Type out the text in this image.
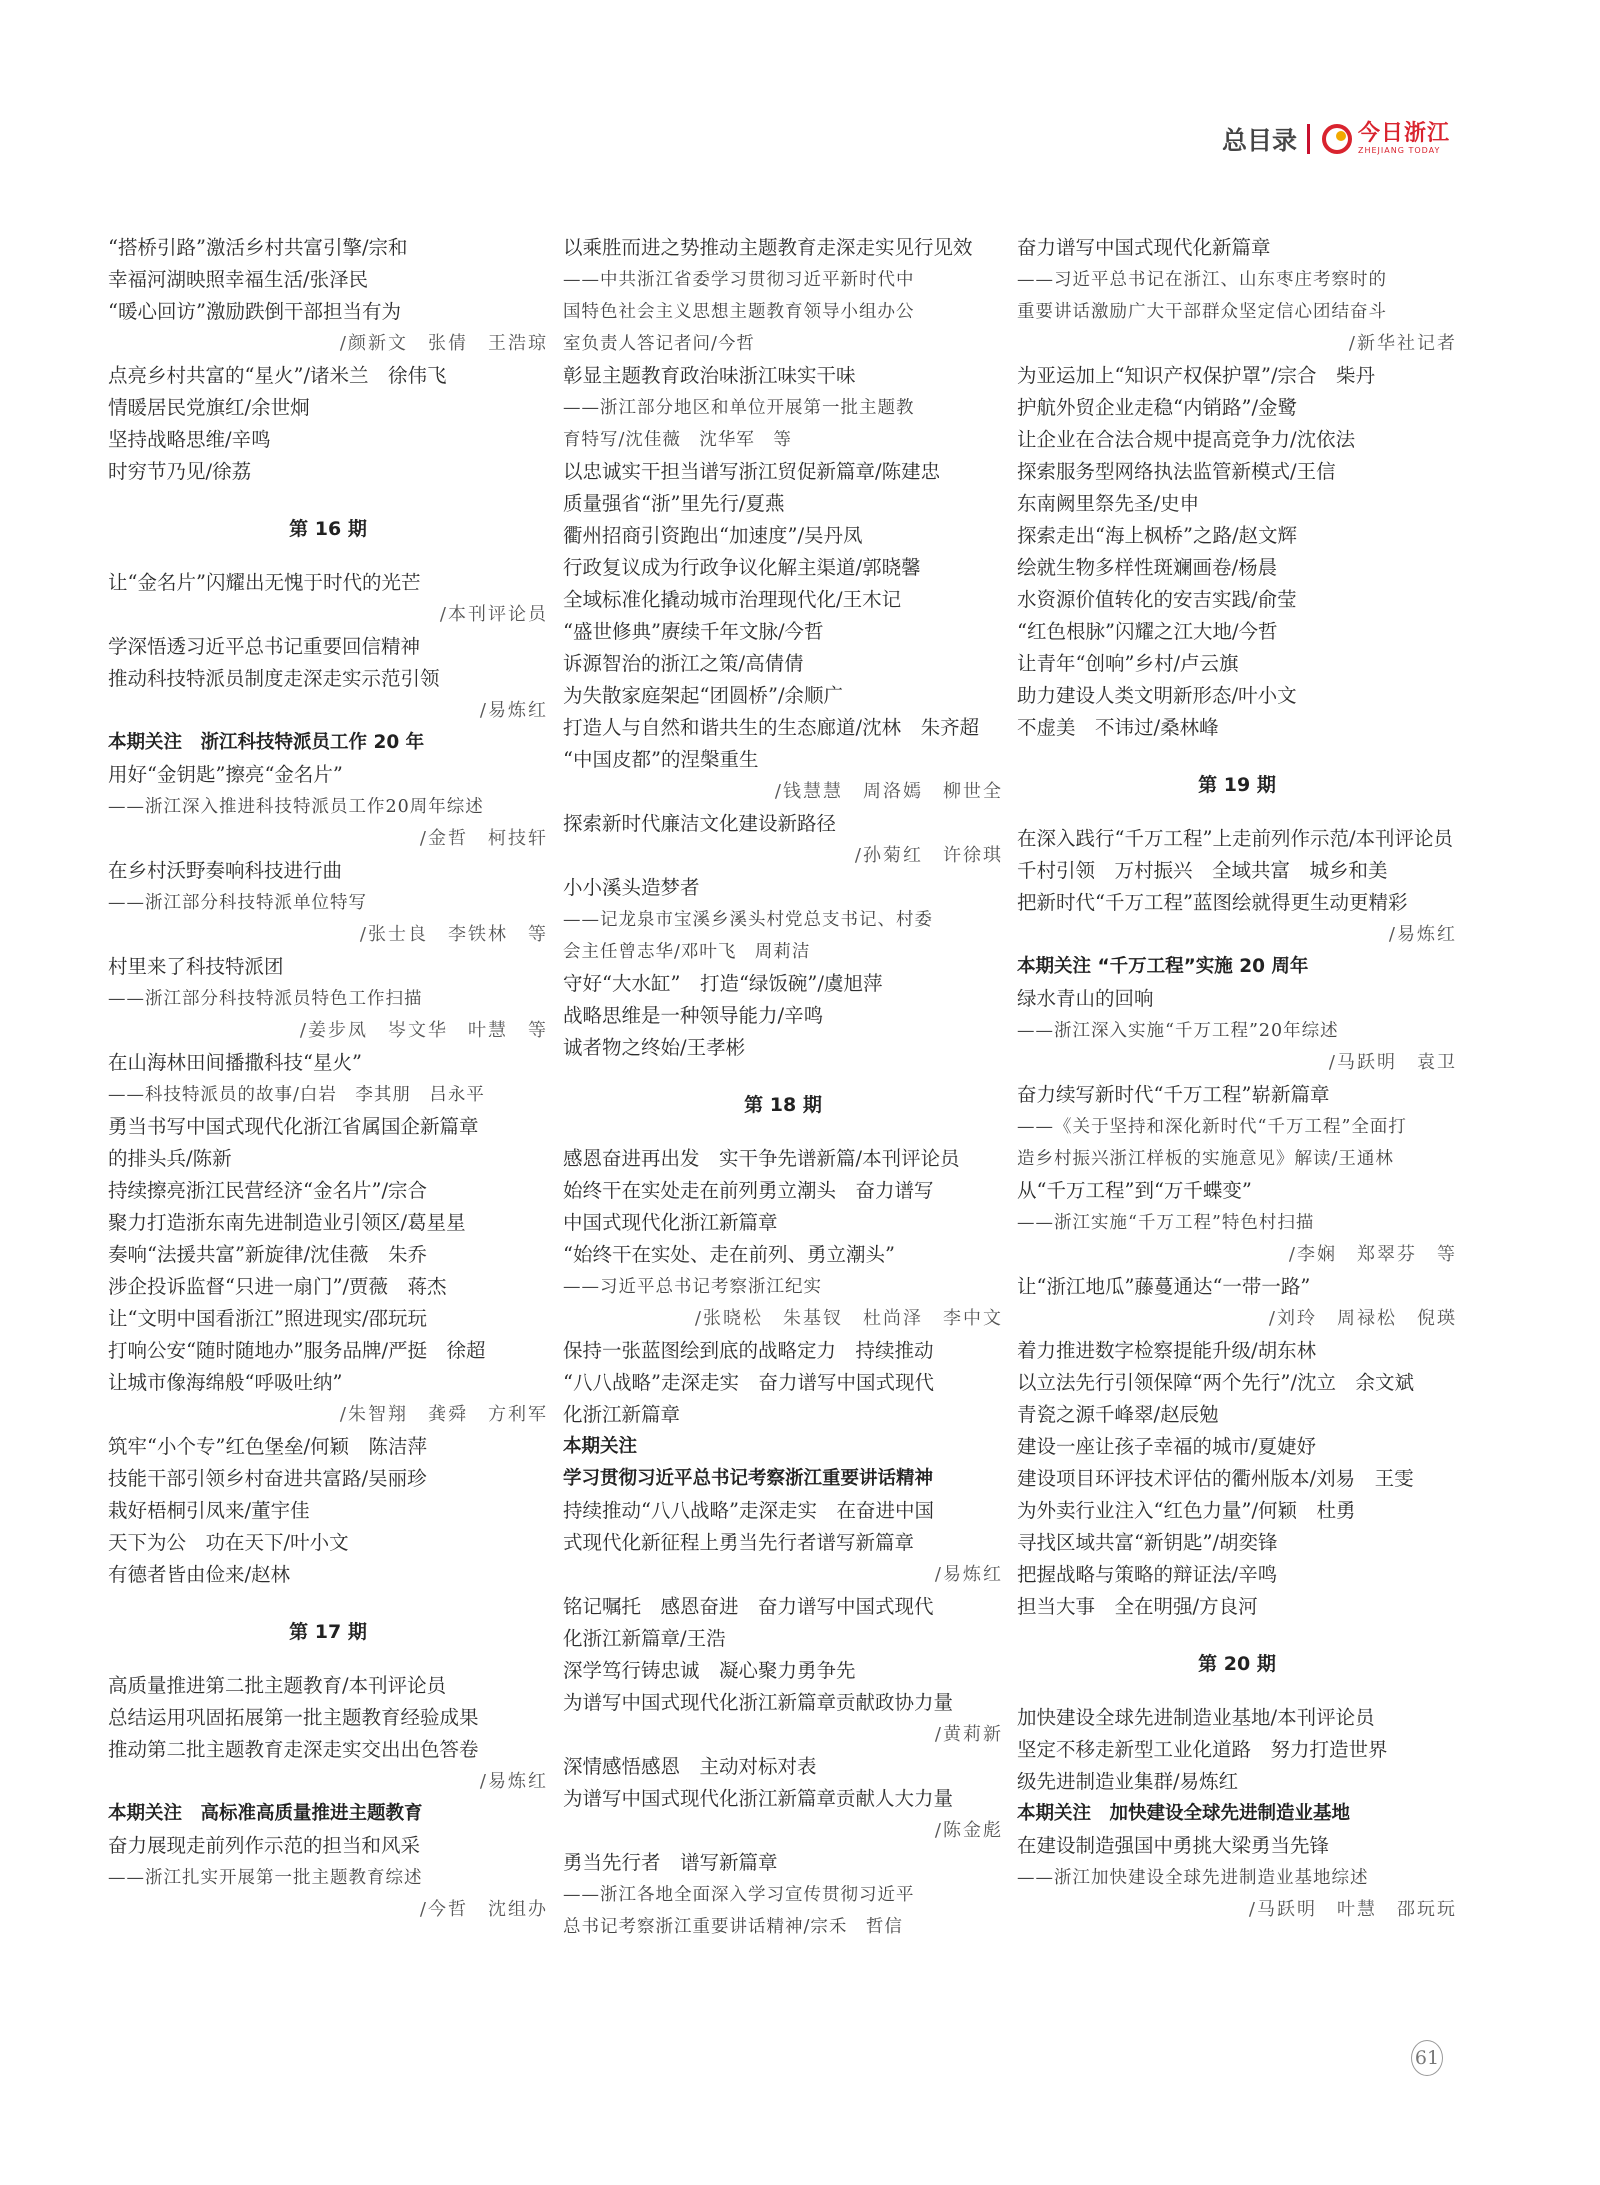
总目录	今日浙江
ZHEJIANG TODAY
“搭桥引路”激活乡村共富引擎/宗和
幸福河湖映照幸福生活/张泽民
“暖心回访”激励跌倒干部担当有为
/颜新文　张倩　王浩琼
点亮乡村共富的“星火”/诸米兰　徐伟飞
情暖居民党旗红/余世炯
坚持战略思维/辛鸣
时穷节乃见/徐荔
第 16 期
让“金名片”闪耀出无愧于时代的光芒
/本刊评论员
学深悟透习近平总书记重要回信精神
推动科技特派员制度走深走实示范引领
/易炼红
本期关注　浙江科技特派员工作 20 年
用好“金钥匙”擦亮“金名片”
——浙江深入推进科技特派员工作20周年综述
/金哲　柯技轩
在乡村沃野奏响科技进行曲
——浙江部分科技特派单位特写
/张士良　李铁林　等
村里来了科技特派团
——浙江部分科技特派员特色工作扫描
/姜步凤　岑文华　叶慧　等
在山海林田间播撒科技“星火”
——科技特派员的故事/白岩　李其朋　吕永平
勇当书写中国式现代化浙江省属国企新篇章
的排头兵/陈新
持续擦亮浙江民营经济“金名片”/宗合
聚力打造浙东南先进制造业引领区/葛星星
奏响“法援共富”新旋律/沈佳薇　朱乔
涉企投诉监督“只进一扇门”/贾薇　蒋杰
让“文明中国看浙江”照进现实/邵玩玩
打响公安“随时随地办”服务品牌/严挺　徐超
让城市像海绵般“呼吸吐纳”
/朱智翔　龚舜　方利军
筑牢“小个专”红色堡垒/何颖　陈洁萍
技能干部引领乡村奋进共富路/吴丽珍
栽好梧桐引凤来/董宇佳
天下为公　功在天下/叶小文
有德者皆由俭来/赵林
第 17 期
高质量推进第二批主题教育/本刊评论员
总结运用巩固拓展第一批主题教育经验成果
推动第二批主题教育走深走实交出出色答卷
/易炼红
本期关注　高标准高质量推进主题教育
奋力展现走前列作示范的担当和风采
——浙江扎实开展第一批主题教育综述
/今哲　沈组办
以乘胜而进之势推动主题教育走深走实见行见效
——中共浙江省委学习贯彻习近平新时代中
国特色社会主义思想主题教育领导小组办公
室负责人答记者问/今哲
彰显主题教育政治味浙江味实干味
——浙江部分地区和单位开展第一批主题教
育特写/沈佳薇　沈华军　等
以忠诚实干担当谱写浙江贸促新篇章/陈建忠
质量强省“浙”里先行/夏燕
衢州招商引资跑出“加速度”/吴丹凤
行政复议成为行政争议化解主渠道/郭晓馨
全域标准化撬动城市治理现代化/王木记
“盛世修典”赓续千年文脉/今哲
诉源智治的浙江之策/高倩倩
为失散家庭架起“团圆桥”/余顺广
打造人与自然和谐共生的生态廊道/沈林　朱齐超
“中国皮都”的涅槃重生
/钱慧慧　周洛嫣　柳世全
探索新时代廉洁文化建设新路径
/孙菊红　许徐琪
小小溪头造梦者
——记龙泉市宝溪乡溪头村党总支书记、村委
会主任曾志华/邓叶飞　周莉洁
守好“大水缸”　打造“绿饭碗”/虞旭萍
战略思维是一种领导能力/辛鸣
诚者物之终始/王孝彬
第 18 期
感恩奋进再出发　实干争先谱新篇/本刊评论员
始终干在实处走在前列勇立潮头　奋力谱写
中国式现代化浙江新篇章
“始终干在实处、走在前列、勇立潮头”
——习近平总书记考察浙江纪实
/张晓松　朱基钗　杜尚泽　李中文
保持一张蓝图绘到底的战略定力　持续推动
“八八战略”走深走实　奋力谱写中国式现代
化浙江新篇章
本期关注
学习贯彻习近平总书记考察浙江重要讲话精神
持续推动“八八战略”走深走实　在奋进中国
式现代化新征程上勇当先行者谱写新篇章
/易炼红
铭记嘱托　感恩奋进　奋力谱写中国式现代
化浙江新篇章/王浩
深学笃行铸忠诚　凝心聚力勇争先
为谱写中国式现代化浙江新篇章贡献政协力量
/黄莉新
深情感悟感恩　主动对标对表
为谱写中国式现代化浙江新篇章贡献人大力量
/陈金彪
勇当先行者　谱写新篇章
——浙江各地全面深入学习宣传贯彻习近平
总书记考察浙江重要讲话精神/宗禾　哲信
奋力谱写中国式现代化新篇章
——习近平总书记在浙江、山东枣庄考察时的
重要讲话激励广大干部群众坚定信心团结奋斗
/新华社记者
为亚运加上“知识产权保护罩”/宗合　柴丹
护航外贸企业走稳“内销路”/金鹭
让企业在合法合规中提高竞争力/沈依法
探索服务型网络执法监管新模式/王信
东南阙里祭先圣/史申
探索走出“海上枫桥”之路/赵文辉
绘就生物多样性斑斓画卷/杨晨
水资源价值转化的安吉实践/俞莹
“红色根脉”闪耀之江大地/今哲
让青年“创响”乡村/卢云旗
助力建设人类文明新形态/叶小文
不虚美　不讳过/桑林峰
第 19 期
在深入践行“千万工程”上走前列作示范/本刊评论员
千村引领　万村振兴　全域共富　城乡和美
把新时代“千万工程”蓝图绘就得更生动更精彩
/易炼红
本期关注 “千万工程”实施 20 周年
绿水青山的回响
——浙江深入实施“千万工程”20年综述
/马跃明　袁卫
奋力续写新时代“千万工程”崭新篇章
——《关于坚持和深化新时代“千万工程”全面打
造乡村振兴浙江样板的实施意见》解读/王通林
从“千万工程”到“万千蝶变”
——浙江实施“千万工程”特色村扫描
/李娴　郑翠芬　等
让“浙江地瓜”藤蔓通达“一带一路”
/刘玲　周禄松　倪瑛
着力推进数字检察提能升级/胡东林
以立法先行引领保障“两个先行”/沈立　余文斌
青瓷之源千峰翠/赵辰勉
建设一座让孩子幸福的城市/夏婕妤
建设项目环评技术评估的衢州版本/刘易　王雯
为外卖行业注入“红色力量”/何颖　杜勇
寻找区域共富“新钥匙”/胡奕锋
把握战略与策略的辩证法/辛鸣
担当大事　全在明强/方良河
第 20 期
加快建设全球先进制造业基地/本刊评论员
坚定不移走新型工业化道路　努力打造世界
级先进制造业集群/易炼红
本期关注　加快建设全球先进制造业基地
在建设制造强国中勇挑大梁勇当先锋
——浙江加快建设全球先进制造业基地综述
/马跃明　叶慧　邵玩玩
61
